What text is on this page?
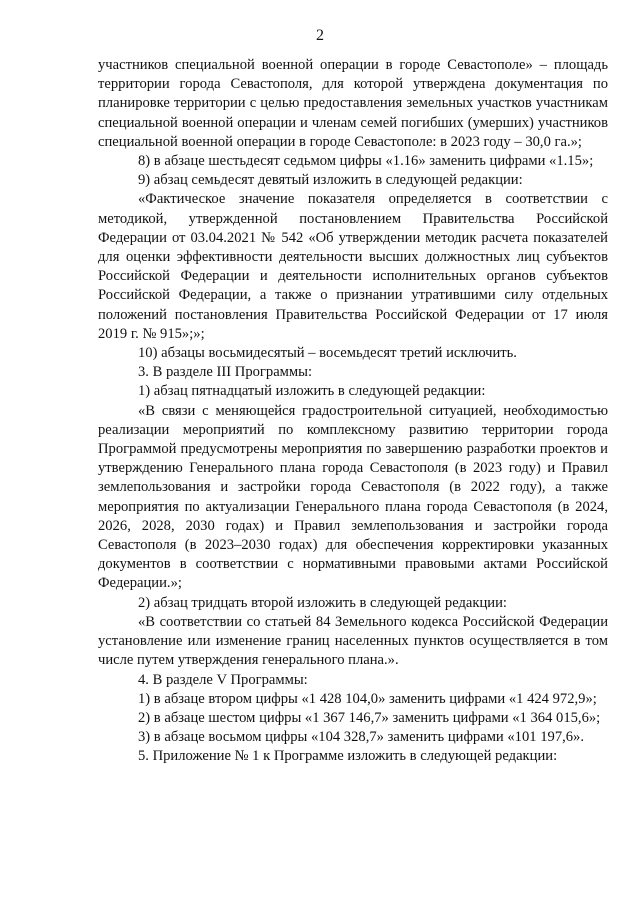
2

участников специальной военной операции в городе Севастополе» – площадь территории города Севастополя, для которой утверждена документация по планировке территории с целью предоставления земельных участков участникам специальной военной операции и членам семей погибших (умерших) участников специальной военной операции в городе Севастополе: в 2023 году – 30,0 га.»;

8) в абзаце шестьдесят седьмом цифры «1.16» заменить цифрами «1.15»;

9) абзац семьдесят девятый изложить в следующей редакции:

«Фактическое значение показателя определяется в соответствии с методикой, утвержденной постановлением Правительства Российской Федерации от 03.04.2021 № 542 «Об утверждении методик расчета показателей для оценки эффективности деятельности высших должностных лиц субъектов Российской Федерации и деятельности исполнительных органов субъектов Российской Федерации, а также о признании утратившими силу отдельных положений постановления Правительства Российской Федерации от 17 июля 2019 г. № 915»;»;

10) абзацы восьмидесятый – восемьдесят третий исключить.

3. В разделе III Программы:

1) абзац пятнадцатый изложить в следующей редакции:

«В связи с меняющейся градостроительной ситуацией, необходимостью реализации мероприятий по комплексному развитию территории города Программой предусмотрены мероприятия по завершению разработки проектов и утверждению Генерального плана города Севастополя (в 2023 году) и Правил землепользования и застройки города Севастополя (в 2022 году), а также мероприятия по актуализации Генерального плана города Севастополя (в 2024, 2026, 2028, 2030 годах) и Правил землепользования и застройки города Севастополя (в 2023–2030 годах) для обеспечения корректировки указанных документов в соответствии с нормативными правовыми актами Российской Федерации.»;

2) абзац тридцать второй изложить в следующей редакции:

«В соответствии со статьей 84 Земельного кодекса Российской Федерации установление или изменение границ населенных пунктов осуществляется в том числе путем утверждения генерального плана.».

4. В разделе V Программы:

1) в абзаце втором цифры «1 428 104,0» заменить цифрами «1 424 972,9»;

2) в абзаце шестом цифры «1 367 146,7» заменить цифрами «1 364 015,6»;

3) в абзаце восьмом цифры «104 328,7» заменить цифрами «101 197,6».

5. Приложение № 1 к Программе изложить в следующей редакции:
